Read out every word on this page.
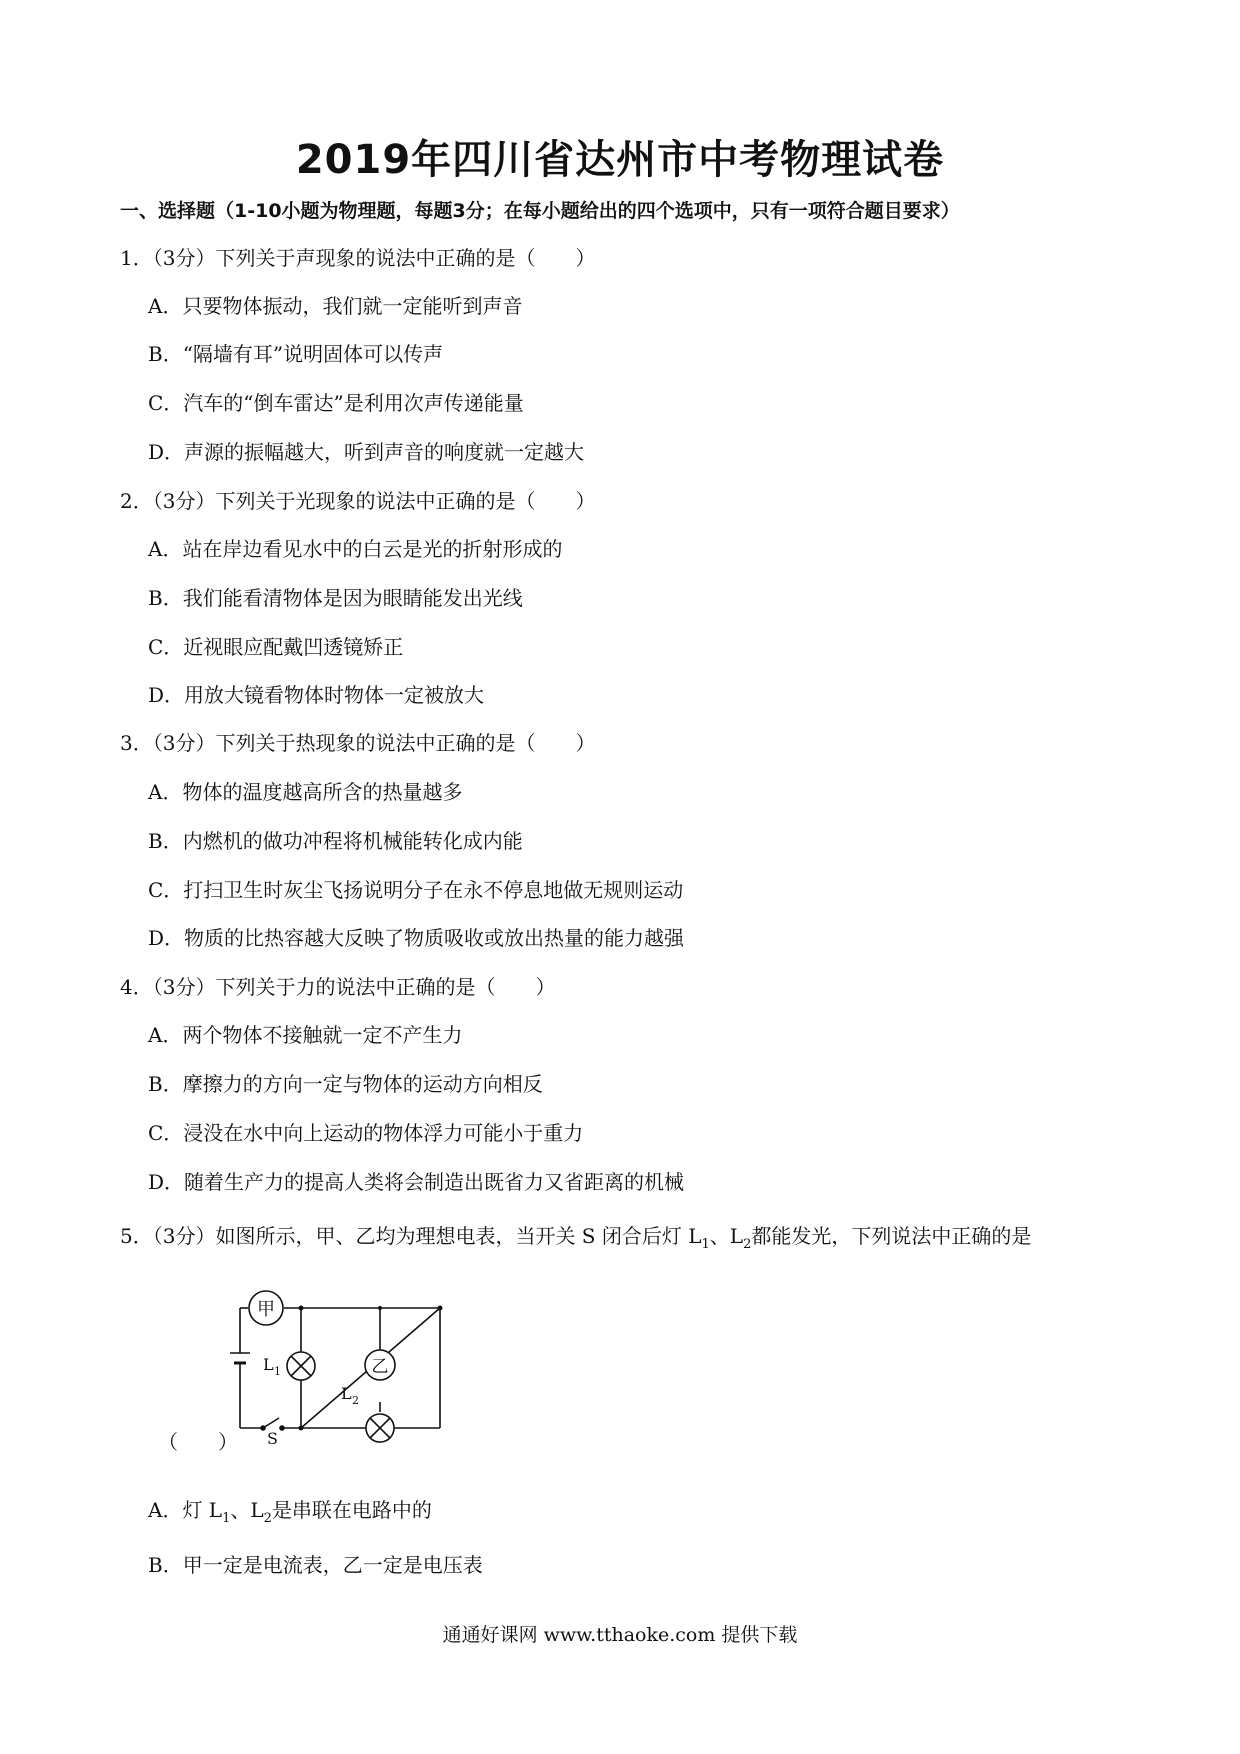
2019年四川省达州市中考物理试卷
一、选择题（1-10小题为物理题，每题3分；在每小题给出的四个选项中，只有一项符合题目要求）
1．（3分）下列关于声现象的说法中正确的是（　　）
A．只要物体振动，我们就一定能听到声音
B．“隔墙有耳”说明固体可以传声
C．汽车的“倒车雷达”是利用次声传递能量
D．声源的振幅越大，听到声音的响度就一定越大
2．（3分）下列关于光现象的说法中正确的是（　　）
A．站在岸边看见水中的白云是光的折射形成的
B．我们能看清物体是因为眼睛能发出光线
C．近视眼应配戴凹透镜矫正
D．用放大镜看物体时物体一定被放大
3．（3分）下列关于热现象的说法中正确的是（　　）
A．物体的温度越高所含的热量越多
B．内燃机的做功冲程将机械能转化成内能
C．打扫卫生时灰尘飞扬说明分子在永不停息地做无规则运动
D．物质的比热容越大反映了物质吸收或放出热量的能力越强
4．（3分）下列关于力的说法中正确的是（　　）
A．两个物体不接触就一定不产生力
B．摩擦力的方向一定与物体的运动方向相反
C．浸没在水中向上运动的物体浮力可能小于重力
D．随着生产力的提高人类将会制造出既省力又省距离的机械
5．（3分）如图所示，甲、乙均为理想电表，当开关 S 闭合后灯 $L_1$、$L_2$都能发光，下列说法中正确的是
甲
L 1	乙
L 2
S
（　　）
A．灯 $L_1$、$L_2$是串联在电路中的
B．甲一定是电流表，乙一定是电压表
通通好课网 www.tthaoke.com 提供下载
